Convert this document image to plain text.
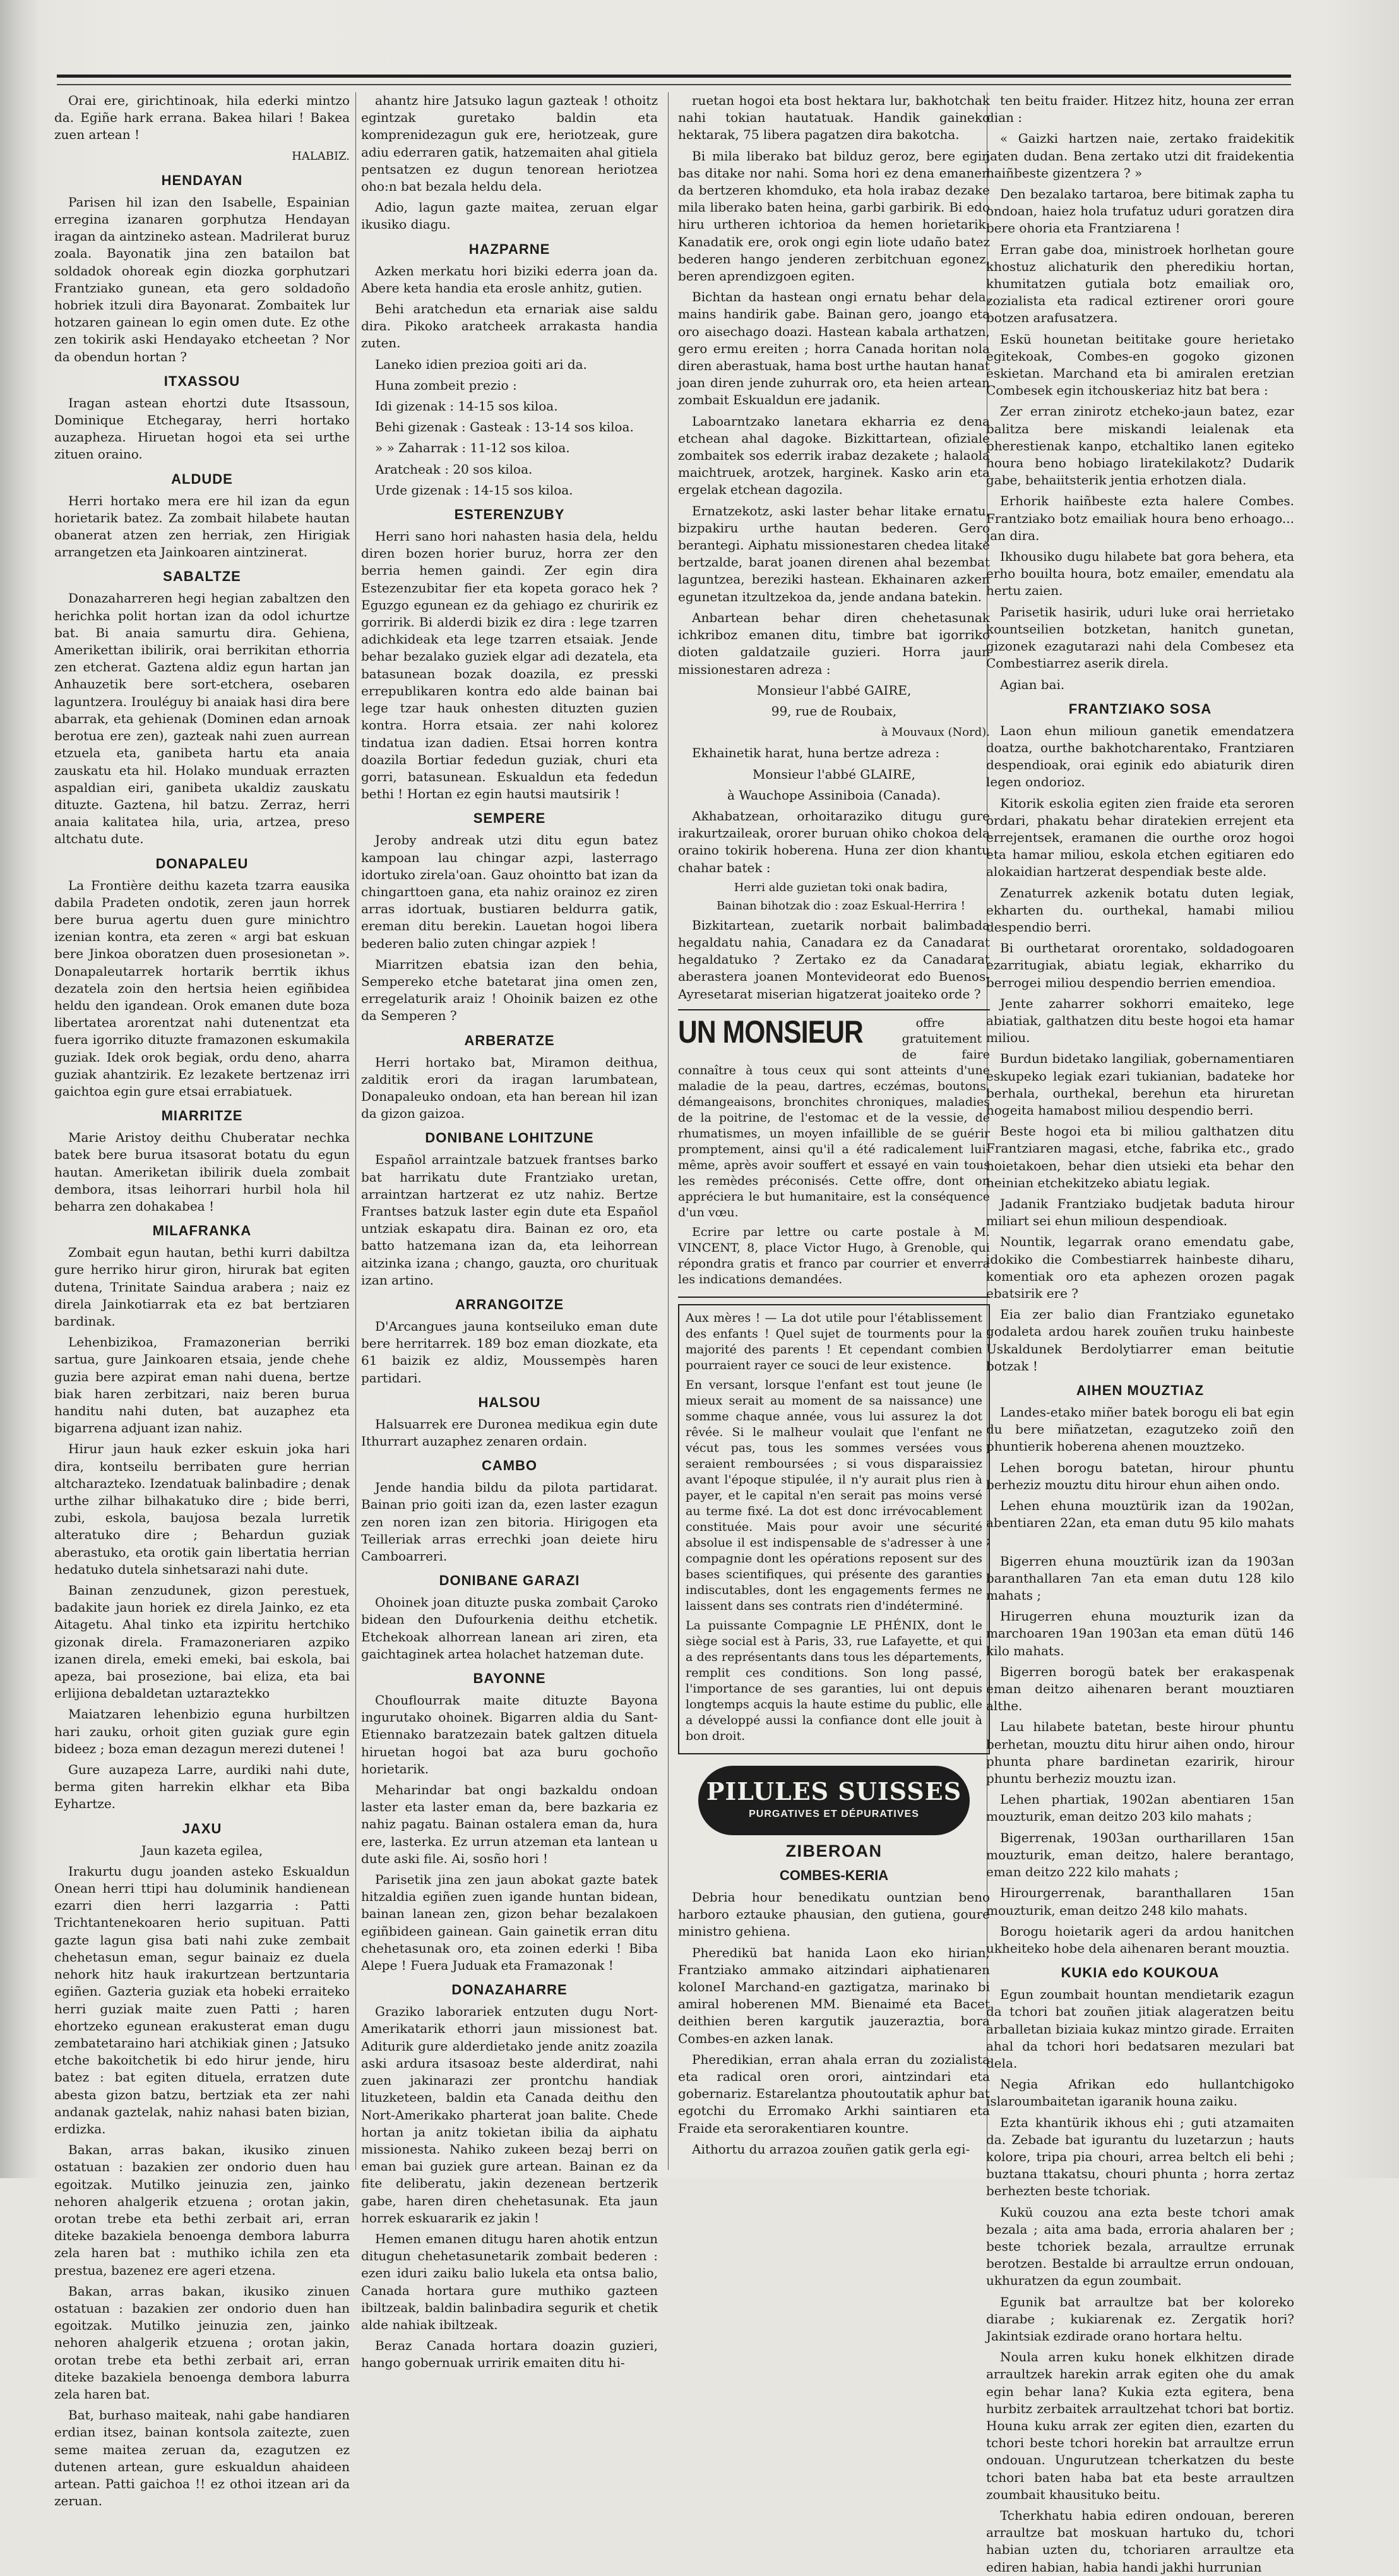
Orai ere, girichtinoak, hila ederki mintzo da. Egiñe hark errana. Bakea hilari ! Bakea zuen artean !

HALABIZ.

HENDAYAN

Parisen hil izan den Isabelle, Espainian erregina izanaren gorphutza Hendayan iragan da aintzineko astean. Madrilerat buruz zoala. Bayonatik jina zen batailon bat soldadok ohoreak egin diozka gorphutzari Frantziako gunean, eta gero soldadoño hobriek itzuli dira Bayonarat. Zombaitek lur hotzaren gainean lo egin omen dute. Ez othe zen tokirik aski Hendayako etcheetan ? Nor da obendun hortan ?

ITXASSOU

Iragan astean ehortzi dute Itsassoun, Dominique Etchegaray, herri hortako auzapheza. Hiruetan hogoi eta sei urthe zituen oraino.

ALDUDE

Herri hortako mera ere hil izan da egun horietarik batez. Za zombait hilabete hautan obanerat atzen zen herriak, zen Hirigiak arrangetzen eta Jainkoaren aintzinerat.

SABALTZE

Donazaharreren hegi hegian zabaltzen den herichka polit hortan izan da odol ichurtze bat. Bi anaia samurtu dira. Gehiena, Amerikettan ibilirik, orai berrikitan ethorria zen etcherat. Gaztena aldiz egun hartan jan Anhauzetik bere sort-etchera, osebaren laguntzera. Irouléguy bi anaiak hasi dira bere abarrak, eta gehienak (Dominen edan arnoak berotua ere zen), gazteak nahi zuen aurrean etzuela eta, ganibeta hartu eta anaia zauskatu eta hil. Holako munduak errazten aspaldian eiri, ganibeta ukaldiz zauskatu dituzte. Gaztena, hil batzu. Zerraz, herri anaia kalitatea hila, uria, artzea, preso altchatu dute.

DONAPALEU

La Frontière deithu kazeta tzarra eausika dabila Pradeten ondotik, zeren jaun horrek bere burua agertu duen gure minichtro izenian kontra, eta zeren « argi bat eskuan bere Jinkoa oboratzen duen prosesionetan ». Donapaleutarrek hortarik berrtik ikhus dezatela zoin den hertsia heien egiñbidea heldu den igandean. Orok emanen dute boza libertatea arorentzat nahi dutenentzat eta fuera igorriko dituzte framazonen eskumakila guziak. Idek orok begiak, ordu deno, aharra guziak ahantzirik. Ez lezakete bertzenaz irri gaichtoa egin gure etsai errabiatuek.

MIARRITZE

Marie Aristoy deithu Chuberatar nechka batek bere burua itsasorat botatu du egun hautan. Ameriketan ibilirik duela zombait dembora, itsas leihorrari hurbil hola hil beharra zen dohakabea !

MILAFRANKA

Zombait egun hautan, bethi kurri dabiltza gure herriko hirur giron, hirurak bat egiten dutena, Trinitate Saindua arabera ; naiz ez direla Jainkotiarrak eta ez bat bertziaren bardinak.

Lehenbizikoa, Framazonerian berriki sartua, gure Jainkoaren etsaia, jende chehe guzia bere azpirat eman nahi duena, bertze biak haren zerbitzari, naiz beren burua handitu nahi duten, bat auzaphez eta bigarrena adjuant izan nahiz.

Hirur jaun hauk ezker eskuin joka hari dira, kontseilu berribaten gure herrian altcharazteko. Izendatuak balinbadire ; denak urthe zilhar bilhakatuko dire ; bide berri, zubi, eskola, baujosa bezala lurretik alteratuko dire ; Behardun guziak aberastuko, eta orotik gain libertatia herrian hedatuko dutela sinhetsarazi nahi dute.

Bainan zenzudunek, gizon perestuek, badakite jaun horiek ez direla Jainko, ez eta Aitagetu. Ahal tinko eta izpiritu hertchiko gizonak direla. Framazoneriaren azpiko izanen direla, emeki emeki, bai eskola, bai apeza, bai prosezione, bai eliza, eta bai erlijiona debaldetan uztaraztekko

Maiatzaren lehenbizio eguna hurbiltzen hari zauku, orhoit giten guziak gure egin bideez ; boza eman dezagun merezi dutenei !

Gure auzapeza Larre, aurdiki nahi dute, berma giten harrekin elkhar eta Biba Eyhartze.

JAXU

Jaun kazeta egilea,

Irakurtu dugu joanden asteko Eskualdun Onean herri ttipi hau doluminik handienean ezarri dien herri lazgarria : Patti Trichtantenekoaren herio supituan. Patti gazte lagun gisa bati nahi zuke zembait chehetasun eman, segur bainaiz ez duela nehork hitz hauk irakurtzean bertzuntaria egiñen. Gazteria guziak eta hobeki erraiteko herri guziak maite zuen Patti ; haren ehortzeko egunean erakusterat eman dugu zembatetaraino hari atchikiak ginen ; Jatsuko etche bakoitchetik bi edo hirur jende, hiru batez : bat egiten dituela, erratzen dute abesta gizon batzu, bertziak eta zer nahi andanak gaztelak, nahiz nahasi baten bizian, erdizka.

Bakan, arras bakan, ikusiko zinuen ostatuan : bazakien zer ondorio duen hau egoitzak. Mutilko jeinuzia zen, jainko nehoren ahalgerik etzuena ; orotan jakin, orotan trebe eta bethi zerbait ari, erran diteke bazakiela benoenga dembora laburra zela haren bat : muthiko ichila zen eta prestua, bazenez ere ageri etzena.

Bakan, arras bakan, ikusiko zinuen ostatuan : bazakien zer ondorio duen han egoitzak. Mutilko jeinuzia zen, jainko nehoren ahalgerik etzuena ; orotan jakin, orotan trebe eta bethi zerbait ari, erran diteke bazakiela benoenga dembora laburra zela haren bat.

Bat, burhaso maiteak, nahi gabe handiaren erdian itsez, bainan kontsola zaitezte, zuen seme maitea zeruan da, ezagutzen ez dutenen artean, gure eskualdun ahaideen artean. Patti gaichoa !! ez othoi itzean ari da zeruan.

ahantz hire Jatsuko lagun gazteak ! othoitz egintzak guretako baldin eta komprenidezagun guk ere, heriotzeak, gure adiu ederraren gatik, hatzemaiten ahal gitiela pentsatzen ez dugun tenorean heriotzea oho:n bat bezala heldu dela.

Adio, lagun gazte maitea, zeruan elgar ikusiko diagu.

HAZPARNE

Azken merkatu hori biziki ederra joan da. Abere keta handia eta erosle anhitz, gutien.

Behi aratchedun eta ernariak aise saldu dira. Pikoko aratcheek arrakasta handia zuten.

Laneko idien prezioa goiti ari da.

Huna zombeit prezio :

Idi gizenak : 14-15 sos kiloa.

Behi gizenak : Gasteak : 13-14 sos kiloa.

» » Zaharrak : 11-12 sos kiloa.

Aratcheak : 20 sos kiloa.

Urde gizenak : 14-15 sos kiloa.

ESTERENZUBY

Herri sano hori nahasten hasia dela, heldu diren bozen horier buruz, horra zer den berria hemen gaindi. Zer egin dira Estezenzubitar fier eta kopeta goraco hek ? Eguzgo egunean ez da gehiago ez churirik ez gorririk. Bi alderdi bizik ez dira : lege tzarren adichkideak eta lege tzarren etsaiak. Jende behar bezalako guziek elgar adi dezatela, eta batasunean bozak doazila, ez presski errepublikaren kontra edo alde bainan bai lege tzar hauk onhesten dituzten guzien kontra. Horra etsaia. zer nahi kolorez tindatua izan dadien. Etsai horren kontra doazila Bortiar fededun guziak, churi eta gorri, batasunean. Eskualdun eta fededun bethi ! Hortan ez egin hautsi mautsirik !

SEMPERE

Jeroby andreak utzi ditu egun batez kampoan lau chingar azpi, lasterrago idortuko zirela'oan. Gauz ohointto bat izan da chingarttoen gana, eta nahiz orainoz ez ziren arras idortuak, bustiaren beldurra gatik, ereman ditu berekin. Lauetan hogoi libera bederen balio zuten chingar azpiek !

Miarritzen ebatsia izan den behia, Sempereko etche batetarat jina omen zen, erregelaturik araiz ! Ohoinik baizen ez othe da Semperen ?

ARBERATZE

Herri hortako bat, Miramon deithua, zalditik erori da iragan larumbatean, Donapaleuko ondoan, eta han berean hil izan da gizon gaizoa.

DONIBANE LOHITZUNE

Español arraintzale batzuek frantses barko bat harrikatu dute Frantziako uretan, arraintzan hartzerat ez utz nahiz. Bertze Frantses batzuk laster egin dute eta Español untziak eskapatu dira. Bainan ez oro, eta batto hatzemana izan da, eta leihorrean aitzinka izana ; chango, gauzta, oro churituak izan artino.

ARRANGOITZE

D'Arcangues jauna kontseiluko eman dute bere herritarrek. 189 boz eman diozkate, eta 61 baizik ez aldiz, Moussempès haren partidari.

HALSOU

Halsuarrek ere Duronea medikua egin dute Ithurrart auzaphez zenaren ordain.

CAMBO

Jende handia bildu da pilota partidarat. Bainan prio goiti izan da, ezen laster ezagun zen noren izan zen bitoria. Hirigogen eta Teilleriak arras errechki joan deiete hiru Camboarreri.

DONIBANE GARAZI

Ohoinek joan dituzte puska zombait Çaroko bidean den Dufourkenia deithu etchetik. Etchekoak alhorrean lanean ari ziren, eta gaichtaginek artea holachet hatzeman dute.

BAYONNE

Chouflourrak maite dituzte Bayona ingurutako ohoinek. Bigarren aldia du Sant-Etiennako baratzezain batek galtzen dituela hiruetan hogoi bat aza buru gochoño horietarik.

Meharindar bat ongi bazkaldu ondoan laster eta laster eman da, bere bazkaria ez nahiz pagatu. Bainan ostalera eman da, hura ere, lasterka. Ez urrun atzeman eta lantean u dute aski file. Ai, sosño hori !

Parisetik jina zen jaun abokat gazte batek hitzaldia egiñen zuen igande huntan bidean, bainan lanean zen, gizon behar bezalakoen egiñbideen gainean. Gain gainetik erran ditu chehetasunak oro, eta zoinen ederki ! Biba Alepe ! Fuera Juduak eta Framazonak !

DONAZAHARRE

Graziko laborariek entzuten dugu Nort-Amerikatarik ethorri jaun missionest bat. Aditurik gure alderdietako jende anitz zoazila aski ardura itsasoaz beste alderdirat, nahi zuen jakinarazi zer prontchu handiak lituzketeen, baldin eta Canada deithu den Nort-Amerikako pharterat joan balite. Chede hortan ja anitz tokietan ibilia da aiphatu missionesta. Nahiko zukeen bezaj berri on eman bai guziek gure artean. Bainan ez da fite deliberatu, jakin dezenean bertzerik gabe, haren diren chehetasunak. Eta jaun horrek eskuararik ez jakin !

Hemen emanen ditugu haren ahotik entzun ditugun chehetasunetarik zombait bederen : ezen iduri zaiku balio lukela eta ontsa balio, Canada hortara gure muthiko gazteen ibiltzeak, baldin balinbadira segurik et chetik alde nahiak ibiltzeak.

Beraz Canada hortara doazin guzieri, hango gobernuak urririk emaiten ditu hi-

ruetan hogoi eta bost hektara lur, bakhotchak nahi tokian hautatuak. Handik gaineko hektarak, 75 libera pagatzen dira bakotcha.

Bi mila liberako bat bilduz geroz, bere egin bas ditake nor nahi. Soma hori ez dena emanen da bertzeren khomduko, eta hola irabaz dezake mila liberako baten heina, garbi garbirik. Bi edo hiru urtheren ichtorioa da hemen horietarik. Kanadatik ere, orok ongi egin liote udaño batez bederen hango jenderen zerbitchuan egonez, beren aprendizgoen egiten.

Bichtan da hastean ongi ernatu behar dela, mains handirik gabe. Bainan gero, joango eta oro aisechago doazi. Hastean kabala arthatzen, gero ermu ereiten ; horra Canada horitan nola diren aberastuak, hama bost urthe hautan hanat joan diren jende zuhurrak oro, eta heien artean zombait Eskualdun ere jadanik.

Laboarntzako lanetara ekharria ez dena etchean ahal dagoke. Bizkittartean, ofiziale zombaitek sos ederrik irabaz dezakete ; halaola maichtruek, arotzek, harginek. Kasko arin eta ergelak etchean dagozila.

Ernatzekotz, aski laster behar litake ernatu, bizpakiru urthe hautan bederen. Gero berantegi. Aiphatu missionestaren chedea litake bertzalde, barat joanen direnen ahal bezembat laguntzea, bereziki hastean. Ekhainaren azken egunetan itzultzekoa da, jende andana batekin.

Anbartean behar diren chehetasunak ichkriboz emanen ditu, timbre bat igorriko dioten galdatzaile guzieri. Horra jaun missionestaren adreza :

Monsieur l'abbé GAIRE,

99, rue de Roubaix,

à Mouvaux (Nord).

Ekhainetik harat, huna bertze adreza :

Monsieur l'abbé GLAIRE,

à Wauchope Assiniboia (Canada).

Akhabatzean, orhoitaraziko ditugu gure irakurtzaileak, ororer buruan ohiko chokoa dela oraino tokirik hoberena. Huna zer dion khantu chahar batek :

Herri alde guzietan toki onak badira,

Bainan bihotzak dio : zoaz Eskual-Herrira !

Bizkitartean, zuetarik norbait balimbada hegaldatu nahia, Canadara ez da Canadarat hegaldatuko ? Zertako ez da Canadarat aberastera joanen Montevideorat edo Buenos-Ayresetarat miserian higatzerat joaiteko orde ?

UN MONSIEUR	offre gratuitement de faire connaître à tous ceux qui sont atteints d'une maladie de la peau, dartres, eczémas, boutons, démangeaisons, bronchites chroniques, maladies de la poitrine, de l'estomac et de la vessie, de rhumatismes, un moyen infaillible de se guérir promptement, ainsi qu'il a été radicalement lui-même, après avoir souffert et essayé en vain tous les remèdes préconisés. Cette offre, dont on appréciera le but humanitaire, est la conséquence d'un vœu.

Ecrire par lettre ou carte postale à M. VINCENT, 8, place Victor Hugo, à Grenoble, qui répondra gratis et franco par courrier et enverra les indications demandées.

Aux mères ! — La dot utile pour l'établissement des enfants ! Quel sujet de tourments pour la majorité des parents ! Et cependant combien pourraient rayer ce souci de leur existence.

En versant, lorsque l'enfant est tout jeune (le mieux serait au moment de sa naissance) une somme chaque année, vous lui assurez la dot rêvée. Si le malheur voulait que l'enfant ne vécut pas, tous les sommes versées vous seraient remboursées ; si vous disparaissiez avant l'époque stipulée, il n'y aurait plus rien à payer, et le capital n'en serait pas moins versé au terme fixé. La dot est donc irrévocablement constituée. Mais pour avoir une sécurité absolue il est indispensable de s'adresser à une compagnie dont les opérations reposent sur des bases scientifiques, qui présente des garanties indiscutables, dont les engagements fermes ne laissent dans ses contrats rien d'indéterminé.

La puissante Compagnie LE PHÉNIX, dont le siège social est à Paris, 33, rue Lafayette, et qui a des représentants dans tous les départements, remplit ces conditions. Son long passé, l'importance de ses garanties, lui ont depuis longtemps acquis la haute estime du public, elle a développé aussi la confiance dont elle jouit à bon droit.

PILULES SUISSES
PURGATIVES ET DÉPURATIVES
ZIBEROAN
COMBES-KERIA

Debria hour benedikatu ountzian beno harboro eztauke phausian, den gutiena, goure ministro gehiena.

Pheredikü bat hanida Laon eko hirian, Frantziako ammako aitzindari aiphatienaren koloneI Marchand-en gaztigatza, marinako bi amiral hoberenen MM. Bienaimé eta Bacet deithien beren kargutik jauzeraztia, bora Combes-en azken lanak.

Pheredikian, erran ahala erran du zozialista eta radical oren orori, aintzindari eta gobernariz. Estarelantza phoutoutatik aphur bat egotchi du Erromako Arkhi saintiaren eta Fraide eta serorakentiaren kountre.

Aithortu du arrazoa zouñen gatik gerla egi-

ten beitu fraider. Hitzez hitz, houna zer erran dian :

« Gaizki hartzen naie, zertako fraidekitik jaten dudan. Bena zertako utzi dit fraidekentia haiñbeste gizentzera ? »

Den bezalako tartaroa, bere bitimak zapha tu ondoan, haiez hola trufatuz uduri goratzen dira bere ohoria eta Frantziarena !

Erran gabe doa, ministroek horlhetan goure khostuz alichaturik den pheredikiu hortan, khumitatzen gutiala botz emailiak oro, zozialista eta radical eztirener orori goure botzen arafusatzera.

Eskü hounetan beititake goure herietako egitekoak, Combes-en gogoko gizonen eskietan. Marchand eta bi amiralen eretzian Combesek egin itchouskeriaz hitz bat bera :

Zer erran zinirotz etcheko-jaun batez, ezar balitza bere miskandi leialenak eta pherestienak kanpo, etchaltiko lanen egiteko houra beno hobiago liratekilakotz? Dudarik gabe, behaiitsterik jentia erhotzen diala.

Erhorik haiñbeste ezta halere Combes. Frantziako botz emailiak houra beno erhoago... jan dira.

Ikhousiko dugu hilabete bat gora behera, eta erho bouilta houra, botz emailer, emendatu ala hertu zaien.

Parisetik hasirik, uduri luke orai herrietako kountseilien botzketan, hanitch gunetan, gizonek ezagutarazi nahi dela Combesez eta Combestiarrez aserik direla.

Agian bai.

FRANTZIAKO SOSA

Laon ehun milioun ganetik emendatzera doatza, ourthe bakhotcharentako, Frantziaren despendioak, orai eginik edo abiaturik diren legen ondorioz.

Kitorik eskolia egiten zien fraide eta seroren ordari, phakatu behar diratekien errejent eta errejentsek, eramanen die ourthe oroz hogoi eta hamar miliou, eskola etchen egitiaren edo alokaidian hartzerat despendiak beste alde.

Zenaturrek azkenik botatu duten legiak, ekharten du. ourthekal, hamabi miliou despendio berri.

Bi ourthetarat ororentako, soldadogoaren ezarritugiak, abiatu legiak, ekharriko du berrogei miliou despendio berrien emendioa.

Jente zaharrer sokhorri emaiteko, lege abiatiak, galthatzen ditu beste hogoi eta hamar miliou.

Burdun bidetako langiliak, gobernamentiaren eskupeko legiak ezari tukianian, badateke hor berhala, ourthekal, berehun eta hiruretan hogeita hamabost miliou despendio berri.

Beste hogoi eta bi miliou galthatzen ditu Frantziaren magasi, etche, fabrika etc., grado hoietakoen, behar dien utsieki eta behar den heinian etchekitzeko abiatu legiak.

Jadanik Frantziako budjetak baduta hirour miliart sei ehun milioun despendioak.

Nountik, legarrak orano emendatu gabe, idokiko die Combestiarrek hainbeste diharu, komentiak oro eta aphezen orozen pagak ebatsirik ere ?

Eia zer balio dian Frantziako egunetako godaleta ardou harek zouñen truku hainbeste Uskaldunek Berdolytiarrer eman beitutie botzak !

AIHEN MOUZTIAZ

Landes-etako miñer batek borogu eli bat egin du bere miñatzetan, ezagutzeko zoiñ den phuntierik hoberena ahenen mouztzeko.

Lehen borogu batetan, hirour phuntu berheziz mouztu ditu hirour ehun aihen ondo.

Lehen ehuna mouztürik izan da 1902an, abentiaren 22an, eta eman dutu 95 kilo mahats ;

Bigerren ehuna mouztürik izan da 1903an baranthallaren 7an eta eman dutu 128 kilo mahats ;

Hirugerren ehuna mouzturik izan da marchoaren 19an 1903an eta eman dütü 146 kilo mahats.

Bigerren borogü batek ber erakaspenak eman deitzo aihenaren berant mouztiaren althe.

Lau hilabete batetan, beste hirour phuntu berhetan, mouztu ditu hirur aihen ondo, hirour phunta phare bardinetan ezaririk, hirour phuntu berheziz mouztu izan.

Lehen phartiak, 1902an abentiaren 15an mouzturik, eman deitzo 203 kilo mahats ;

Bigerrenak, 1903an ourtharillaren 15an mouzturik, eman deitzo, halere berantago, eman deitzo 222 kilo mahats ;

Hirourgerrenak, baranthallaren 15an mouzturik, eman deitzo 248 kilo mahats.

Borogu hoietarik ageri da ardou hanitchen ukheiteko hobe dela aihenaren berant mouztia.

KUKIA edo KOUKOUA

Egun zoumbait hountan mendietarik ezagun da tchori bat zouñen jitiak alageratzen beitu arballetan biziaia kukaz mintzo girade. Erraiten ahal da tchori hori bedatsaren mezulari bat dela.

Negia Afrikan edo hullantchigoko islaroumbaitetan igaranik houna zaiku.

Ezta khantürik ikhous ehi ; guti atzamaiten da. Zebade bat igurantu du luzetarzun ; hauts kolore, tripa pia chouri, arrea beltch eli behi ; buztana ttakatsu, chouri phunta ; horra zertaz berhezten beste tchoriak.

Kukü couzou ana ezta beste tchori amak bezala ; aita ama bada, erroria ahalaren ber ; beste tchoriek bezala, arraultze errunak berotzen. Bestalde bi arraultze errun ondouan, ukhuratzen da egun zoumbait.

Egunik bat arraultze bat ber koloreko diarabe ; kukiarenak ez. Zergatik hori? Jakintsiak ezdirade orano hortara heltu.

Noula arren kuku honek elkhitzen dirade arraultzek harekin arrak egiten ohe du amak egin behar lana? Kukia ezta egitera, bena hurbitz zerbaitek arraultzehat tchori bat bortiz. Houna kuku arrak zer egiten dien, ezarten du tchori beste tchori horekin bat arraultze errun ondouan. Ungurutzean tcherkatzen du beste tchori baten haba bat eta beste arraultzen zoumbait khausituko beitu.

Tcherkhatu habia ediren ondouan, bereren arraultze bat moskuan hartuko du, tchori habian uzten du, tchoriaren arraultze eta ediren habian, habia handi jakhi hurrunian
